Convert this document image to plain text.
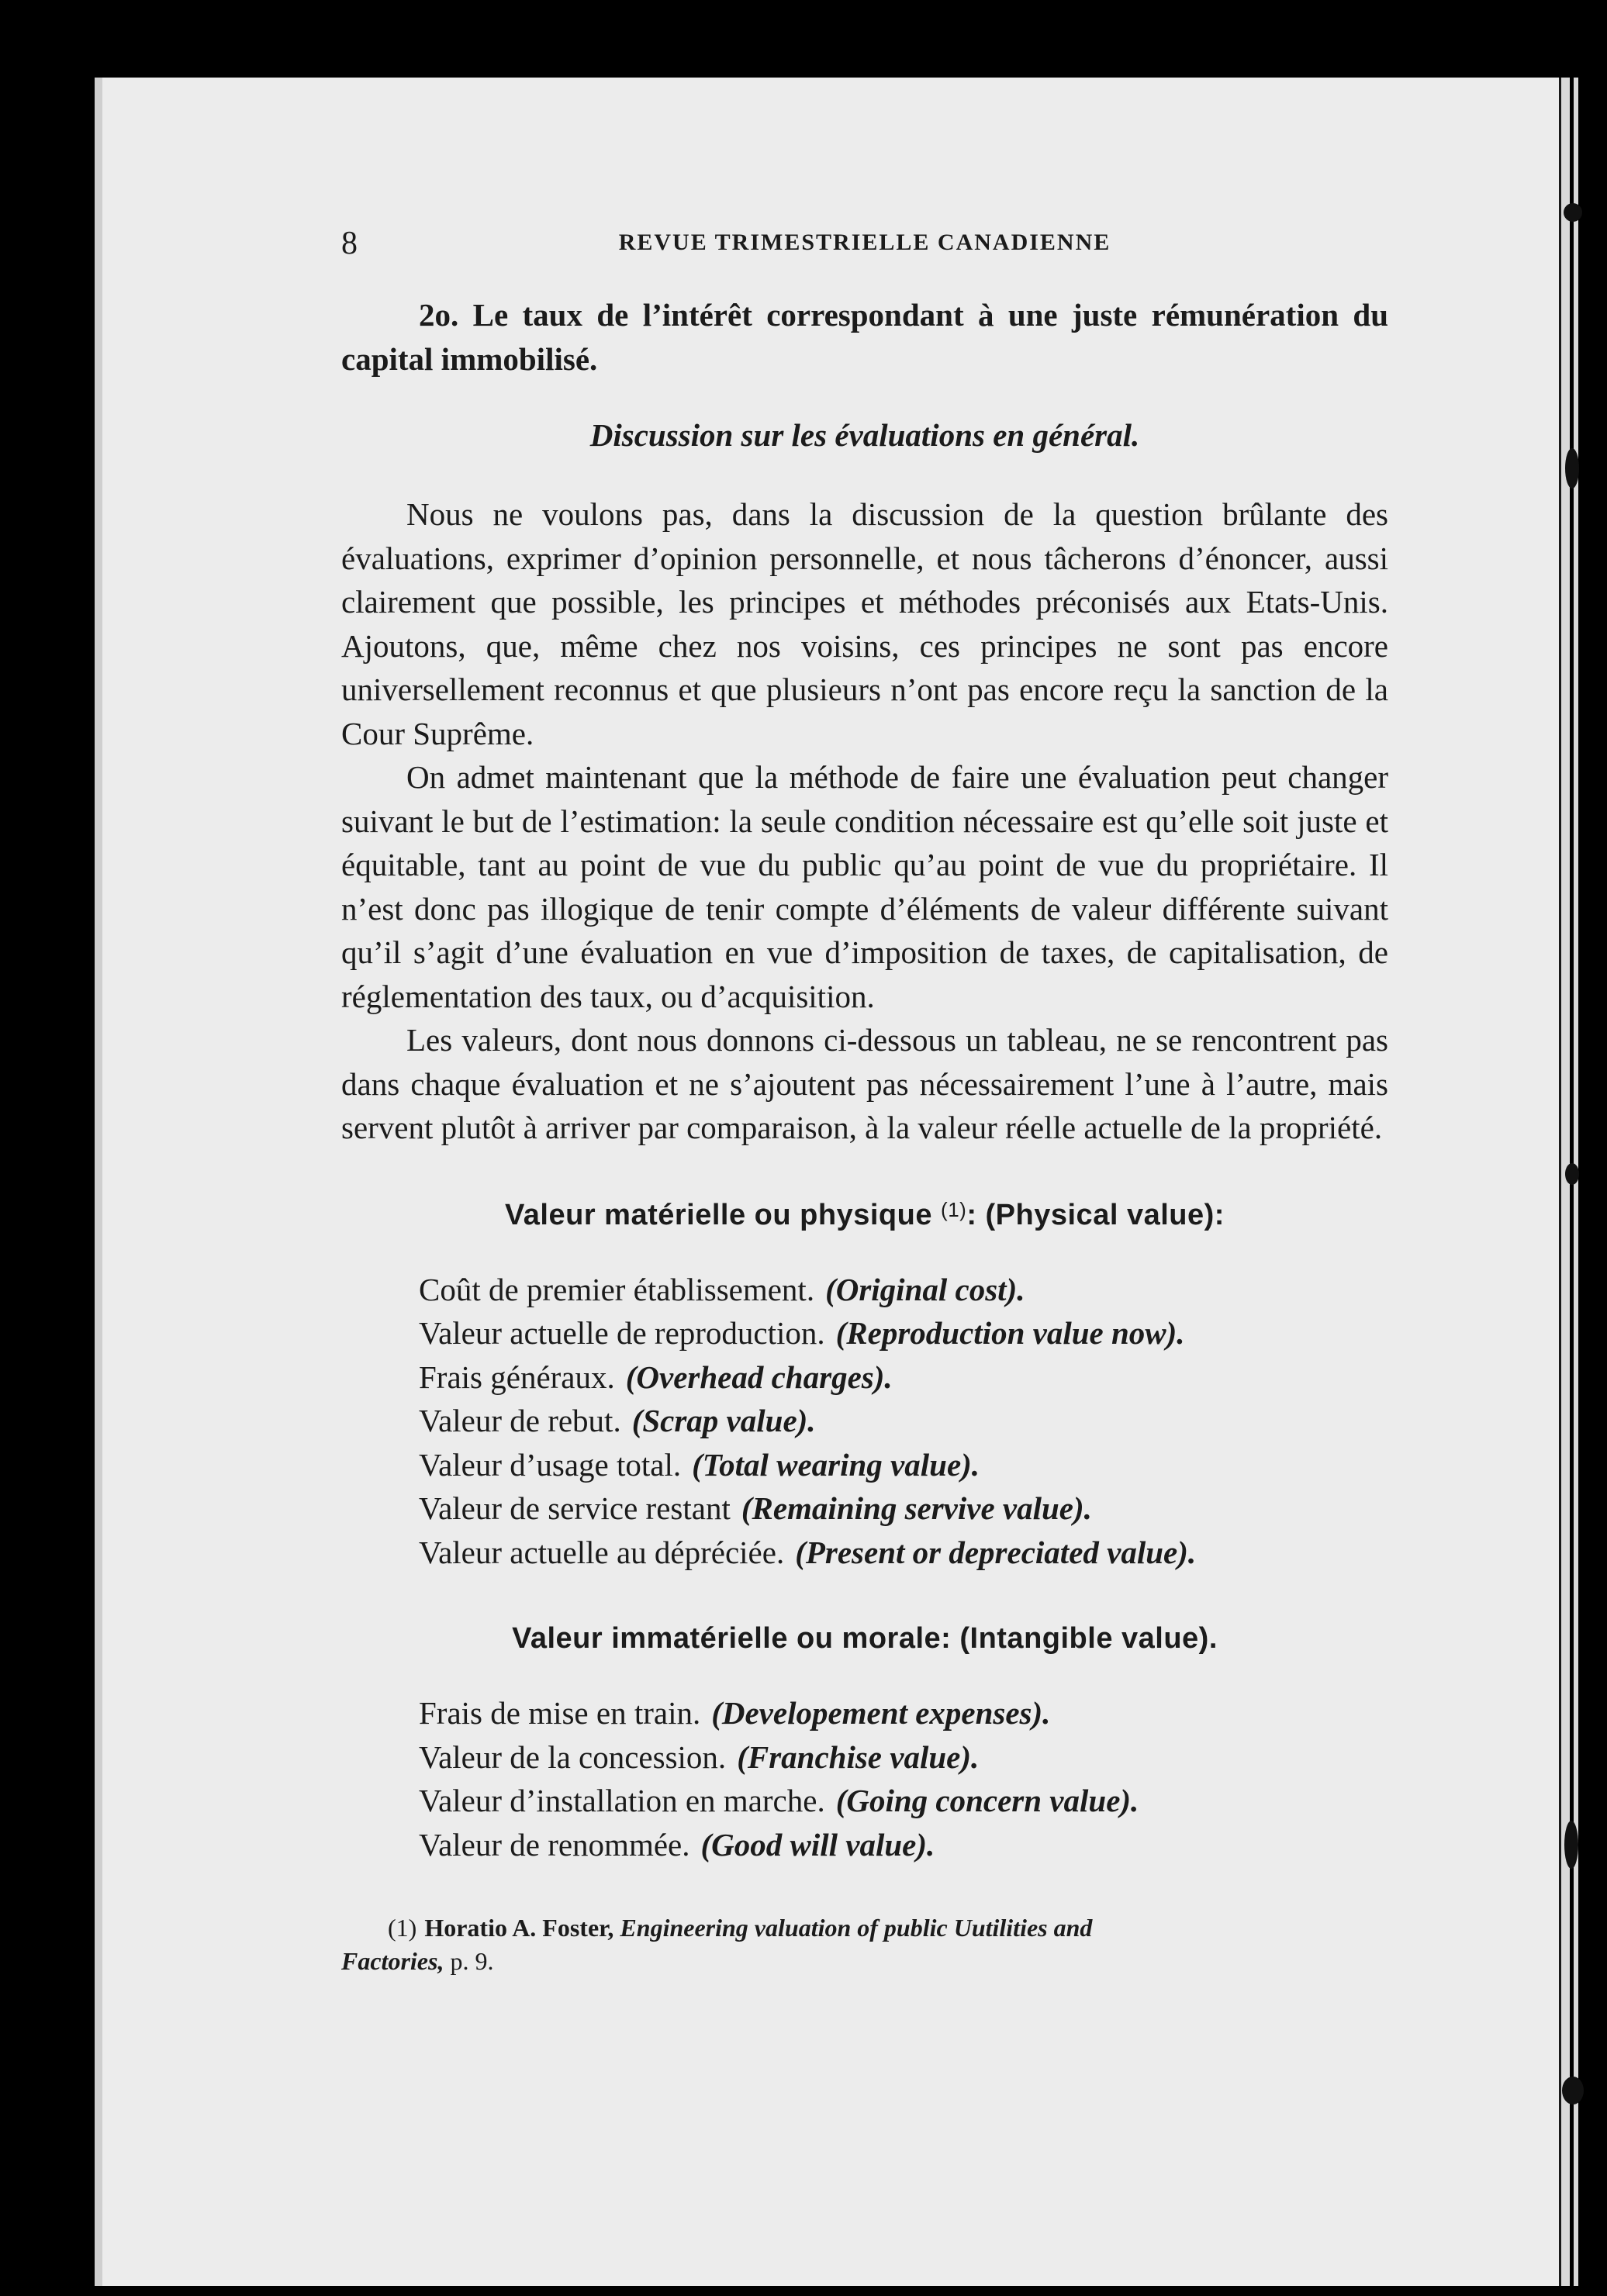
8	REVUE TRIMESTRIELLE CANADIENNE

2o. Le taux de l’intérêt correspondant à une juste rémunération du capital immobilisé.

Discussion sur les évaluations en général.

Nous ne voulons pas, dans la discussion de la question brûlante des évaluations, exprimer d’opinion personnelle, et nous tâcherons d’énoncer, aussi clairement que possible, les principes et méthodes préconisés aux Etats-Unis. Ajoutons, que, même chez nos voisins, ces principes ne sont pas encore universellement reconnus et que plusieurs n’ont pas encore reçu la sanction de la Cour Suprême.

On admet maintenant que la méthode de faire une évaluation peut changer suivant le but de l’estimation: la seule condition nécessaire est qu’elle soit juste et équitable, tant au point de vue du public qu’au point de vue du propriétaire. Il n’est donc pas illogique de tenir compte d’éléments de valeur différente suivant qu’il s’agit d’une évaluation en vue d’imposition de taxes, de capitalisation, de réglementation des taux, ou d’acquisition.

Les valeurs, dont nous donnons ci-dessous un tableau, ne se rencontrent pas dans chaque évaluation et ne s’ajoutent pas nécessairement l’une à l’autre, mais servent plutôt à arriver par comparaison, à la valeur réelle actuelle de la propriété.

Valeur matérielle ou physique $^{(1)}$: (Physical value):
Coût de premier établissement. (Original cost).
Valeur actuelle de reproduction. (Reproduction value now).
Frais généraux. (Overhead charges).
Valeur de rebut. (Scrap value).
Valeur d’usage total. (Total wearing value).
Valeur de service restant (Remaining servive value).
Valeur actuelle au dépréciée. (Present or depreciated value).
Valeur immatérielle ou morale: (Intangible value).
Frais de mise en train. (Developement expenses).
Valeur de la concession. (Franchise value).
Valeur d’installation en marche. (Going concern value).
Valeur de renommée. (Good will value).
(1) Horatio A. Foster, Engineering valuation of public Uutilities and
Factories, p. 9.
